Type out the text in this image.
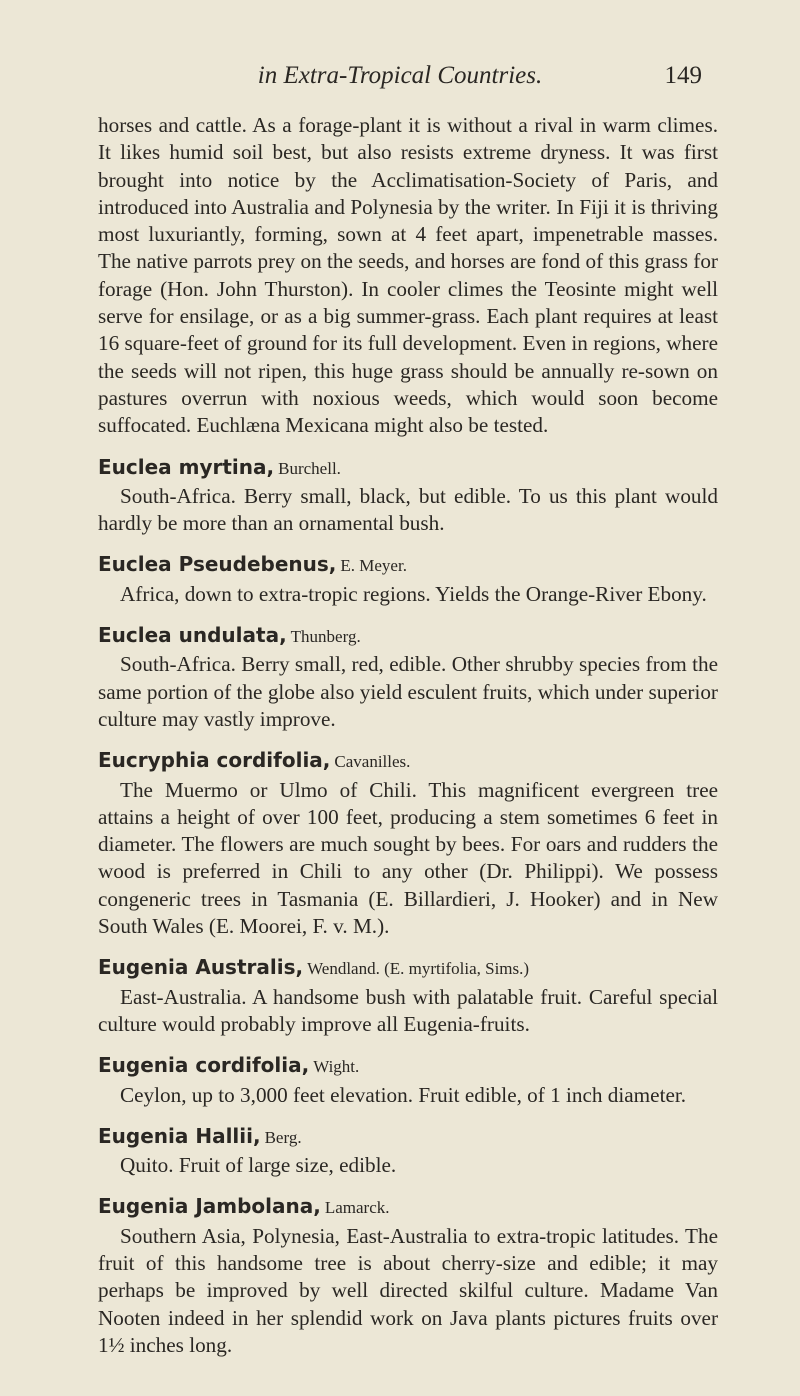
in Extra-Tropical Countries.	149

horses and cattle. As a forage-plant it is without a rival in warm climes. It likes humid soil best, but also resists extreme dryness. It was first brought into notice by the Acclimatisation-Society of Paris, and introduced into Australia and Polynesia by the writer. In Fiji it is thriving most luxuriantly, forming, sown at 4 feet apart, impenetrable masses. The native parrots prey on the seeds, and horses are fond of this grass for forage (Hon. John Thurston). In cooler climes the Teosinte might well serve for ensilage, or as a big summer-grass. Each plant requires at least 16 square-feet of ground for its full development. Even in regions, where the seeds will not ripen, this huge grass should be annually re-sown on pastures overrun with noxious weeds, which would soon become suffocated. Euchlæna Mexicana might also be tested.

Euclea myrtina, Burchell.

South-Africa. Berry small, black, but edible. To us this plant would hardly be more than an ornamental bush.

Euclea Pseudebenus, E. Meyer.

Africa, down to extra-tropic regions. Yields the Orange-River Ebony.

Euclea undulata, Thunberg.

South-Africa. Berry small, red, edible. Other shrubby species from the same portion of the globe also yield esculent fruits, which under superior culture may vastly improve.

Eucryphia cordifolia, Cavanilles.

The Muermo or Ulmo of Chili. This magnificent evergreen tree attains a height of over 100 feet, producing a stem sometimes 6 feet in diameter. The flowers are much sought by bees. For oars and rudders the wood is preferred in Chili to any other (Dr. Philippi). We possess congeneric trees in Tasmania (E. Billardieri, J. Hooker) and in New South Wales (E. Moorei, F. v. M.).

Eugenia Australis, Wendland. (E. myrtifolia, Sims.)

East-Australia. A handsome bush with palatable fruit. Careful special culture would probably improve all Eugenia-fruits.

Eugenia cordifolia, Wight.

Ceylon, up to 3,000 feet elevation. Fruit edible, of 1 inch diameter.

Eugenia Hallii, Berg.

Quito. Fruit of large size, edible.

Eugenia Jambolana, Lamarck.

Southern Asia, Polynesia, East-Australia to extra-tropic latitudes. The fruit of this handsome tree is about cherry-size and edible; it may perhaps be improved by well directed skilful culture. Madame Van Nooten indeed in her splendid work on Java plants pictures fruits over 1½ inches long.
